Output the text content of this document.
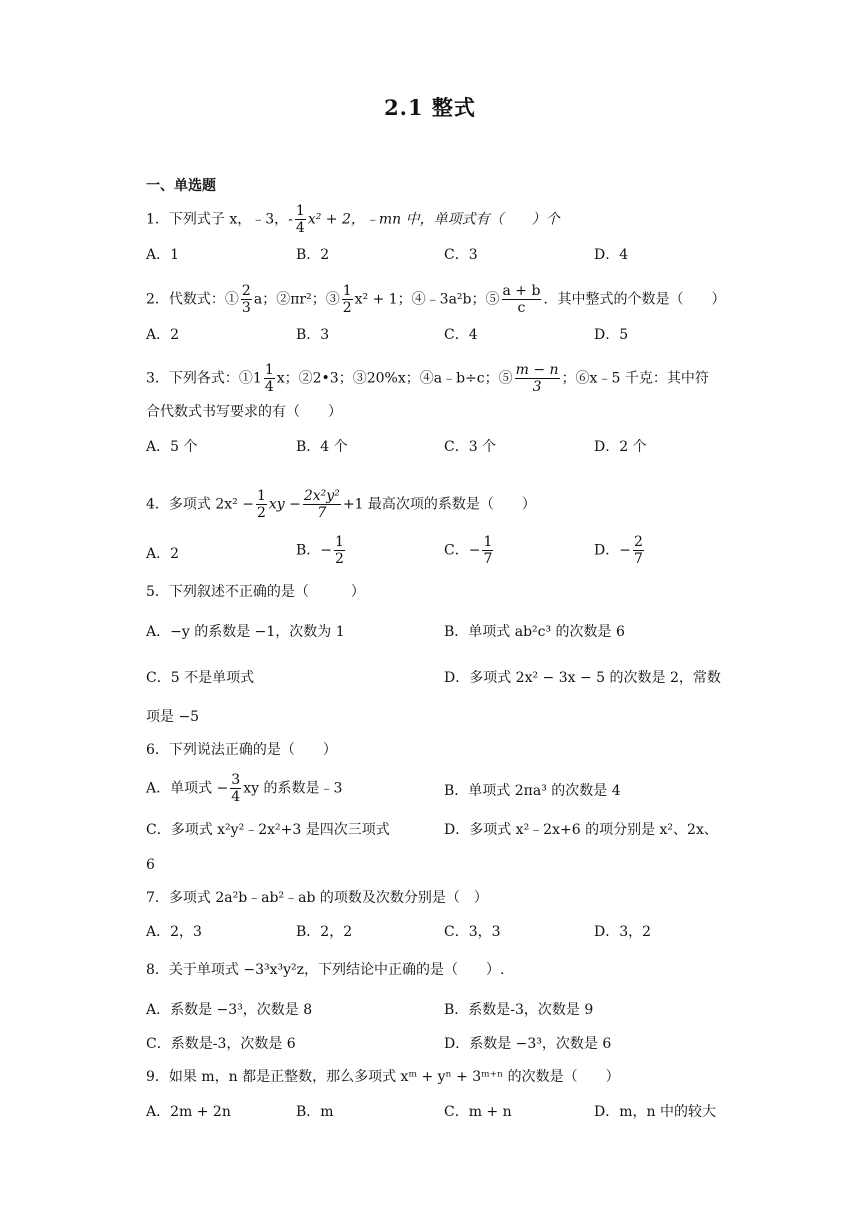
2.1 整式
一、单选题
1．下列式子 x，﹣3，- $\frac{1}{4} x^2 + 2$，﹣mn 中，单项式有（　　）个
A．1	B．2	C．3	D．4
2．代数式：① $\frac{2}{3}$ a；②πr²；③ $\frac{1}{2} x^2 + 1$；④﹣3a²b；⑤ $\frac{a + b}{c}$ ．其中整式的个数是（　　）
A．2	B．3	C．4	D．5
3．下列各式：①1 $\frac{1}{4}$ x；②2•3；③20%x；④a﹣b÷c；⑤ $\frac{m - n}{3}$ ；⑥x﹣5 千克：其中符
合代数式书写要求的有（　　）
A．5 个	B．4 个	C．3 个	D．2 个
4．多项式 $2x^2 - \frac{1}{2}$ xy − $\frac{\text{2x²y²}}{7} +1$ 最高次项的系数是（　　）
A．2	B．− $\frac{1}{2}$	C．− $\frac{1}{7}$	D．− $\frac{2}{7}$
5．下列叙述不正确的是（　　　）
A．−y 的系数是 −1，次数为 1	B．单项式 ab²c³ 的次数是 6
C．5 不是单项式	D．多项式 2x² − 3x − 5 的次数是 2，常数
项是 −5
6．下列说法正确的是（　　）
A．单项式 − $\frac{3}{4}$ xy 的系数是﹣3	B．单项式 2πa³ 的次数是 4
C．多项式 x²y²﹣2x²+3 是四次三项式	D．多项式 x²﹣2x+6 的项分别是 x²、2x、
6
7．多项式 2a²b﹣ab²﹣ab 的项数及次数分别是（　）
A．2，3	B．2，2	C．3，3	D．3，2
8．关于单项式 −3³x³y²z，下列结论中正确的是（　　）.
A．系数是 −3³，次数是 8	B．系数是-3，次数是 9
C．系数是-3，次数是 6	D．系数是 −3³，次数是 6
9．如果 m，n 都是正整数，那么多项式 xᵐ + yⁿ + 3ᵐ⁺ⁿ 的次数是（　　）
A．2m + 2n	B．m	C．m + n	D．m，n 中的较大
